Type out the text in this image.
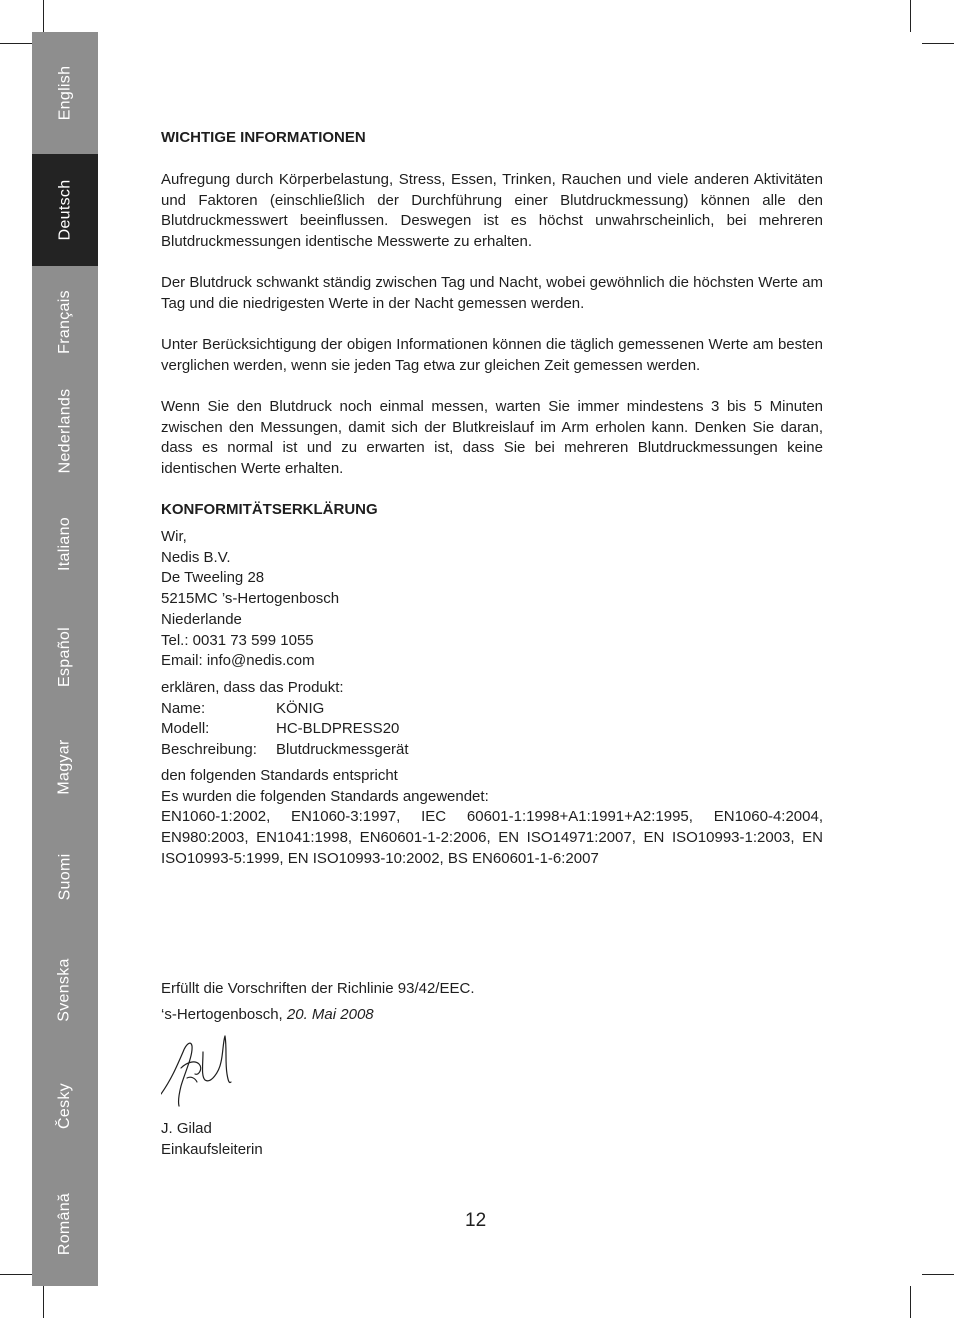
English
Deutsch
Français
Nederlands
Italiano
Español
Magyar
Suomi
Svenska
Česky
Română
WICHTIGE INFORMATIONEN

Aufregung durch Körperbelastung, Stress, Essen, Trinken, Rauchen und viele anderen Aktivitäten und Faktoren (einschließlich der Durchführung einer Blutdruckmessung) können alle den Blutdruckmesswert beeinflussen. Deswegen ist es höchst unwahrscheinlich, bei mehreren Blutdruckmessungen identische Messwerte zu erhalten.

Der Blutdruck schwankt ständig zwischen Tag und Nacht, wobei gewöhnlich die höchsten Werte am Tag und die niedrigesten Werte in der Nacht gemessen werden.

Unter Berücksichtigung der obigen Informationen können die täglich gemessenen Werte am besten verglichen werden, wenn sie jeden Tag etwa zur gleichen Zeit gemessen werden.

Wenn Sie den Blutdruck noch einmal messen, warten Sie immer mindestens 3 bis 5 Minuten zwischen den Messungen, damit sich der Blutkreislauf im Arm erholen kann. Denken Sie daran, dass es normal ist und zu erwarten ist, dass Sie bei mehreren Blutdruckmessungen keine identischen Werte erhalten.

KONFORMITÄTSERKLÄRUNG
Wir,
Nedis B.V.
De Tweeling 28
5215MC ’s-Hertogenbosch
Niederlande
Tel.: 0031 73 599 1055
Email: info@nedis.com
erklären, dass das Produkt:
Name:	KÖNIG
Modell:	HC-BLDPRESS20
Beschreibung:	Blutdruckmessgerät
den folgenden Standards entspricht
Es wurden die folgenden Standards angewendet:
EN1060-1:2002, EN1060-3:1997, IEC 60601-1:1998+A1:1991+A2:1995, EN1060-4:2004, EN980:2003, EN1041:1998, EN60601-1-2:2006, EN ISO14971:2007, EN ISO10993-1:2003, EN ISO10993-5:1999, EN ISO10993-10:2002, BS EN60601-1-6:2007
Erfüllt die Vorschriften der Richlinie 93/42/EEC.
‘s-Hertogenbosch, 20. Mai 2008
J. Gilad
Einkaufsleiterin
12
